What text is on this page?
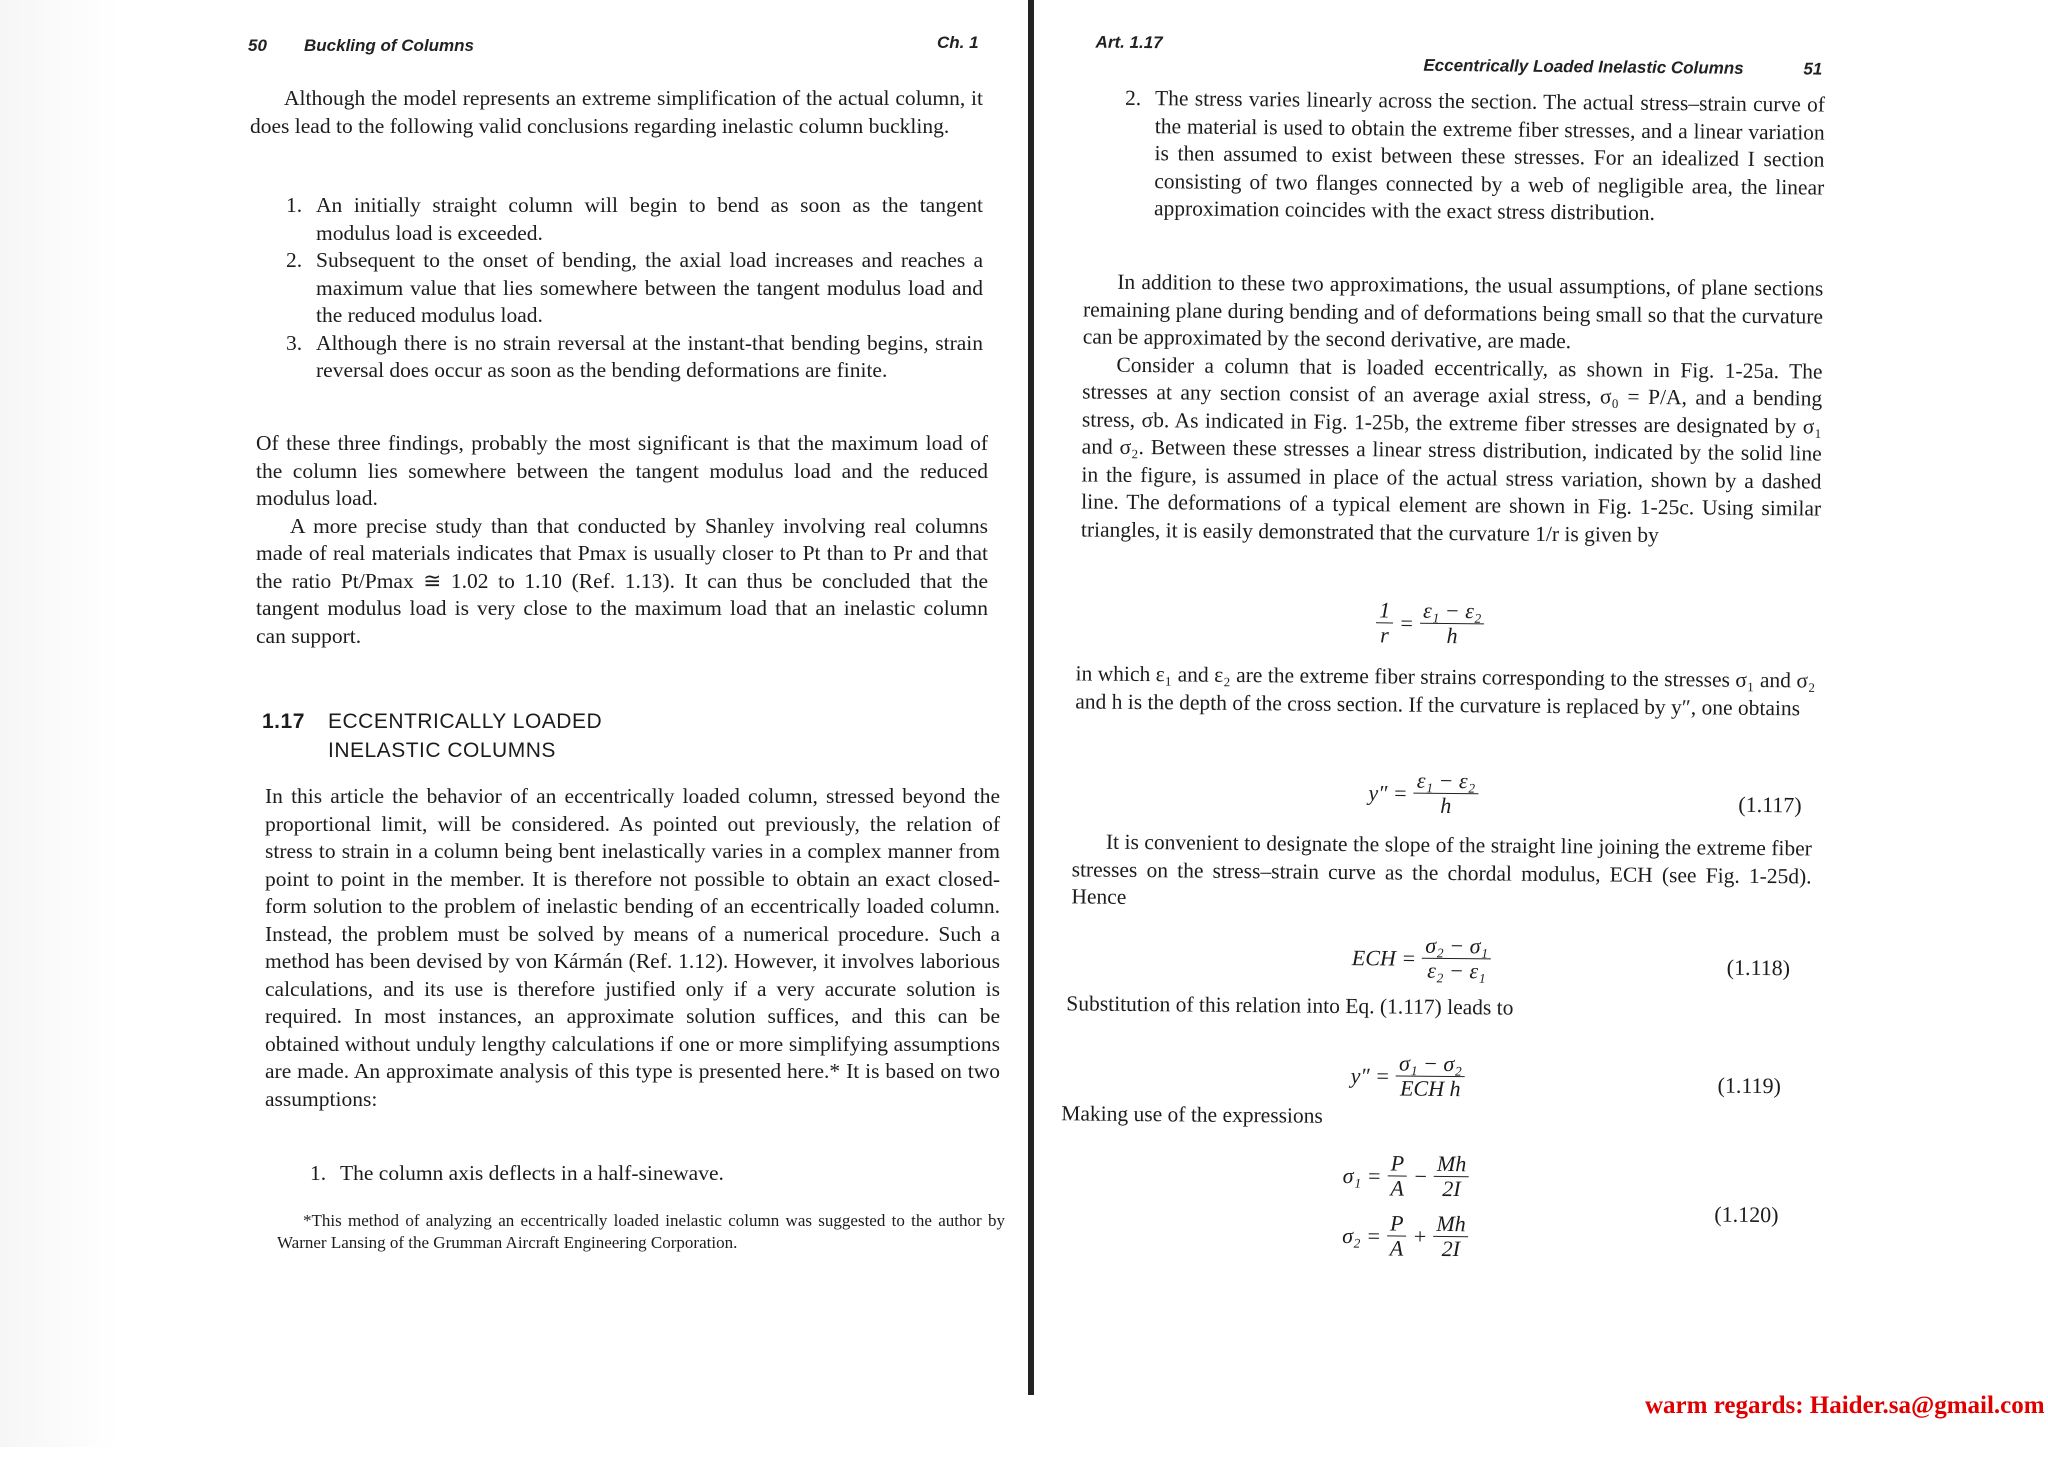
50 Buckling of Columns	Ch. 1

Although the model represents an extreme simplification of the actual column, it does lead to the following valid conclusions regarding inelastic column buckling.

1. An initially straight column will begin to bend as soon as the tangent modulus load is exceeded.
2. Subsequent to the onset of bending, the axial load increases and reaches a maximum value that lies somewhere between the tangent modulus load and the reduced modulus load.
3. Although there is no strain reversal at the instant-that bending begins, strain reversal does occur as soon as the bending deformations are finite.

Of these three findings, probably the most significant is that the maximum load of the column lies somewhere between the tangent modulus load and the reduced modulus load.

A more precise study than that conducted by Shanley involving real columns made of real materials indicates that Pmax is usually closer to Pt than to Pr and that the ratio Pt/Pmax ≅ 1.02 to 1.10 (Ref. 1.13). It can thus be concluded that the tangent modulus load is very close to the maximum load that an inelastic column can support.

1.17 ECCENTRICALLY LOADED
INELASTIC COLUMNS

In this article the behavior of an eccentrically loaded column, stressed beyond the proportional limit, will be considered. As pointed out previously, the relation of stress to strain in a column being bent inelastically varies in a complex manner from point to point in the member. It is therefore not possible to obtain an exact closed-form solution to the problem of inelastic bending of an eccentrically loaded column. Instead, the problem must be solved by means of a numerical procedure. Such a method has been devised by von Kármán (Ref. 1.12). However, it involves laborious calculations, and its use is therefore justified only if a very accurate solution is required. In most instances, an approximate solution suffices, and this can be obtained without unduly lengthy calculations if one or more simplifying assumptions are made. An approximate analysis of this type is presented here.* It is based on two assumptions:

1. The column axis deflects in a half-sinewave.
*This method of analyzing an eccentrically loaded inelastic column was suggested to the author by Warner Lansing of the Grumman Aircraft Engineering Corporation.
Art. 1.17
Eccentrically Loaded Inelastic Columns	51
2. The stress varies linearly across the section. The actual stress–strain curve of the material is used to obtain the extreme fiber stresses, and a linear variation is then assumed to exist between these stresses. For an idealized I section consisting of two flanges connected by a web of negligible area, the linear approximation coincides with the exact stress distribution.

In addition to these two approximations, the usual assumptions, of plane sections remaining plane during bending and of deformations being small so that the curvature can be approximated by the second derivative, are made.

Consider a column that is loaded eccentrically, as shown in Fig. 1-25a. The stresses at any section consist of an average axial stress, σ₀ = P/A, and a bending stress, σb. As indicated in Fig. 1-25b, the extreme fiber stresses are designated by σ₁ and σ₂. Between these stresses a linear stress distribution, indicated by the solid line in the figure, is assumed in place of the actual stress variation, shown by a dashed line. The deformations of a typical element are shown in Fig. 1-25c. Using similar triangles, it is easily demonstrated that the curvature 1/r is given by

$\frac{1}{r} = \frac{\text{ε₁ − ε₂}}{h}$

in which ε₁ and ε₂ are the extreme fiber strains corresponding to the stresses σ₁ and σ₂ and h is the depth of the cross section. If the curvature is replaced by y″, one obtains

$y'' = \frac{\text{ε₁ − ε₂}}{h}$	(1.117)

It is convenient to designate the slope of the straight line joining the extreme fiber stresses on the stress–strain curve as the chordal modulus, ECH (see Fig. 1-25d). Hence

ECH = $\frac{\text{σ₂ − σ₁}}{\text{ε₂ − ε₁}}$	(1.118)

Substitution of this relation into Eq. (1.117) leads to

$y'' = \frac{\text{σ₁ − σ₂}}{\text{ECH h}}$	(1.119)

Making use of the expressions

$\sigma_1 = \frac{P}{A} - \frac{Mh}{2I}$
$\sigma_2 = \frac{P}{A} + \frac{Mh}{2I}$	(1.120)
warm regards: Haider.sa@gmail.com
